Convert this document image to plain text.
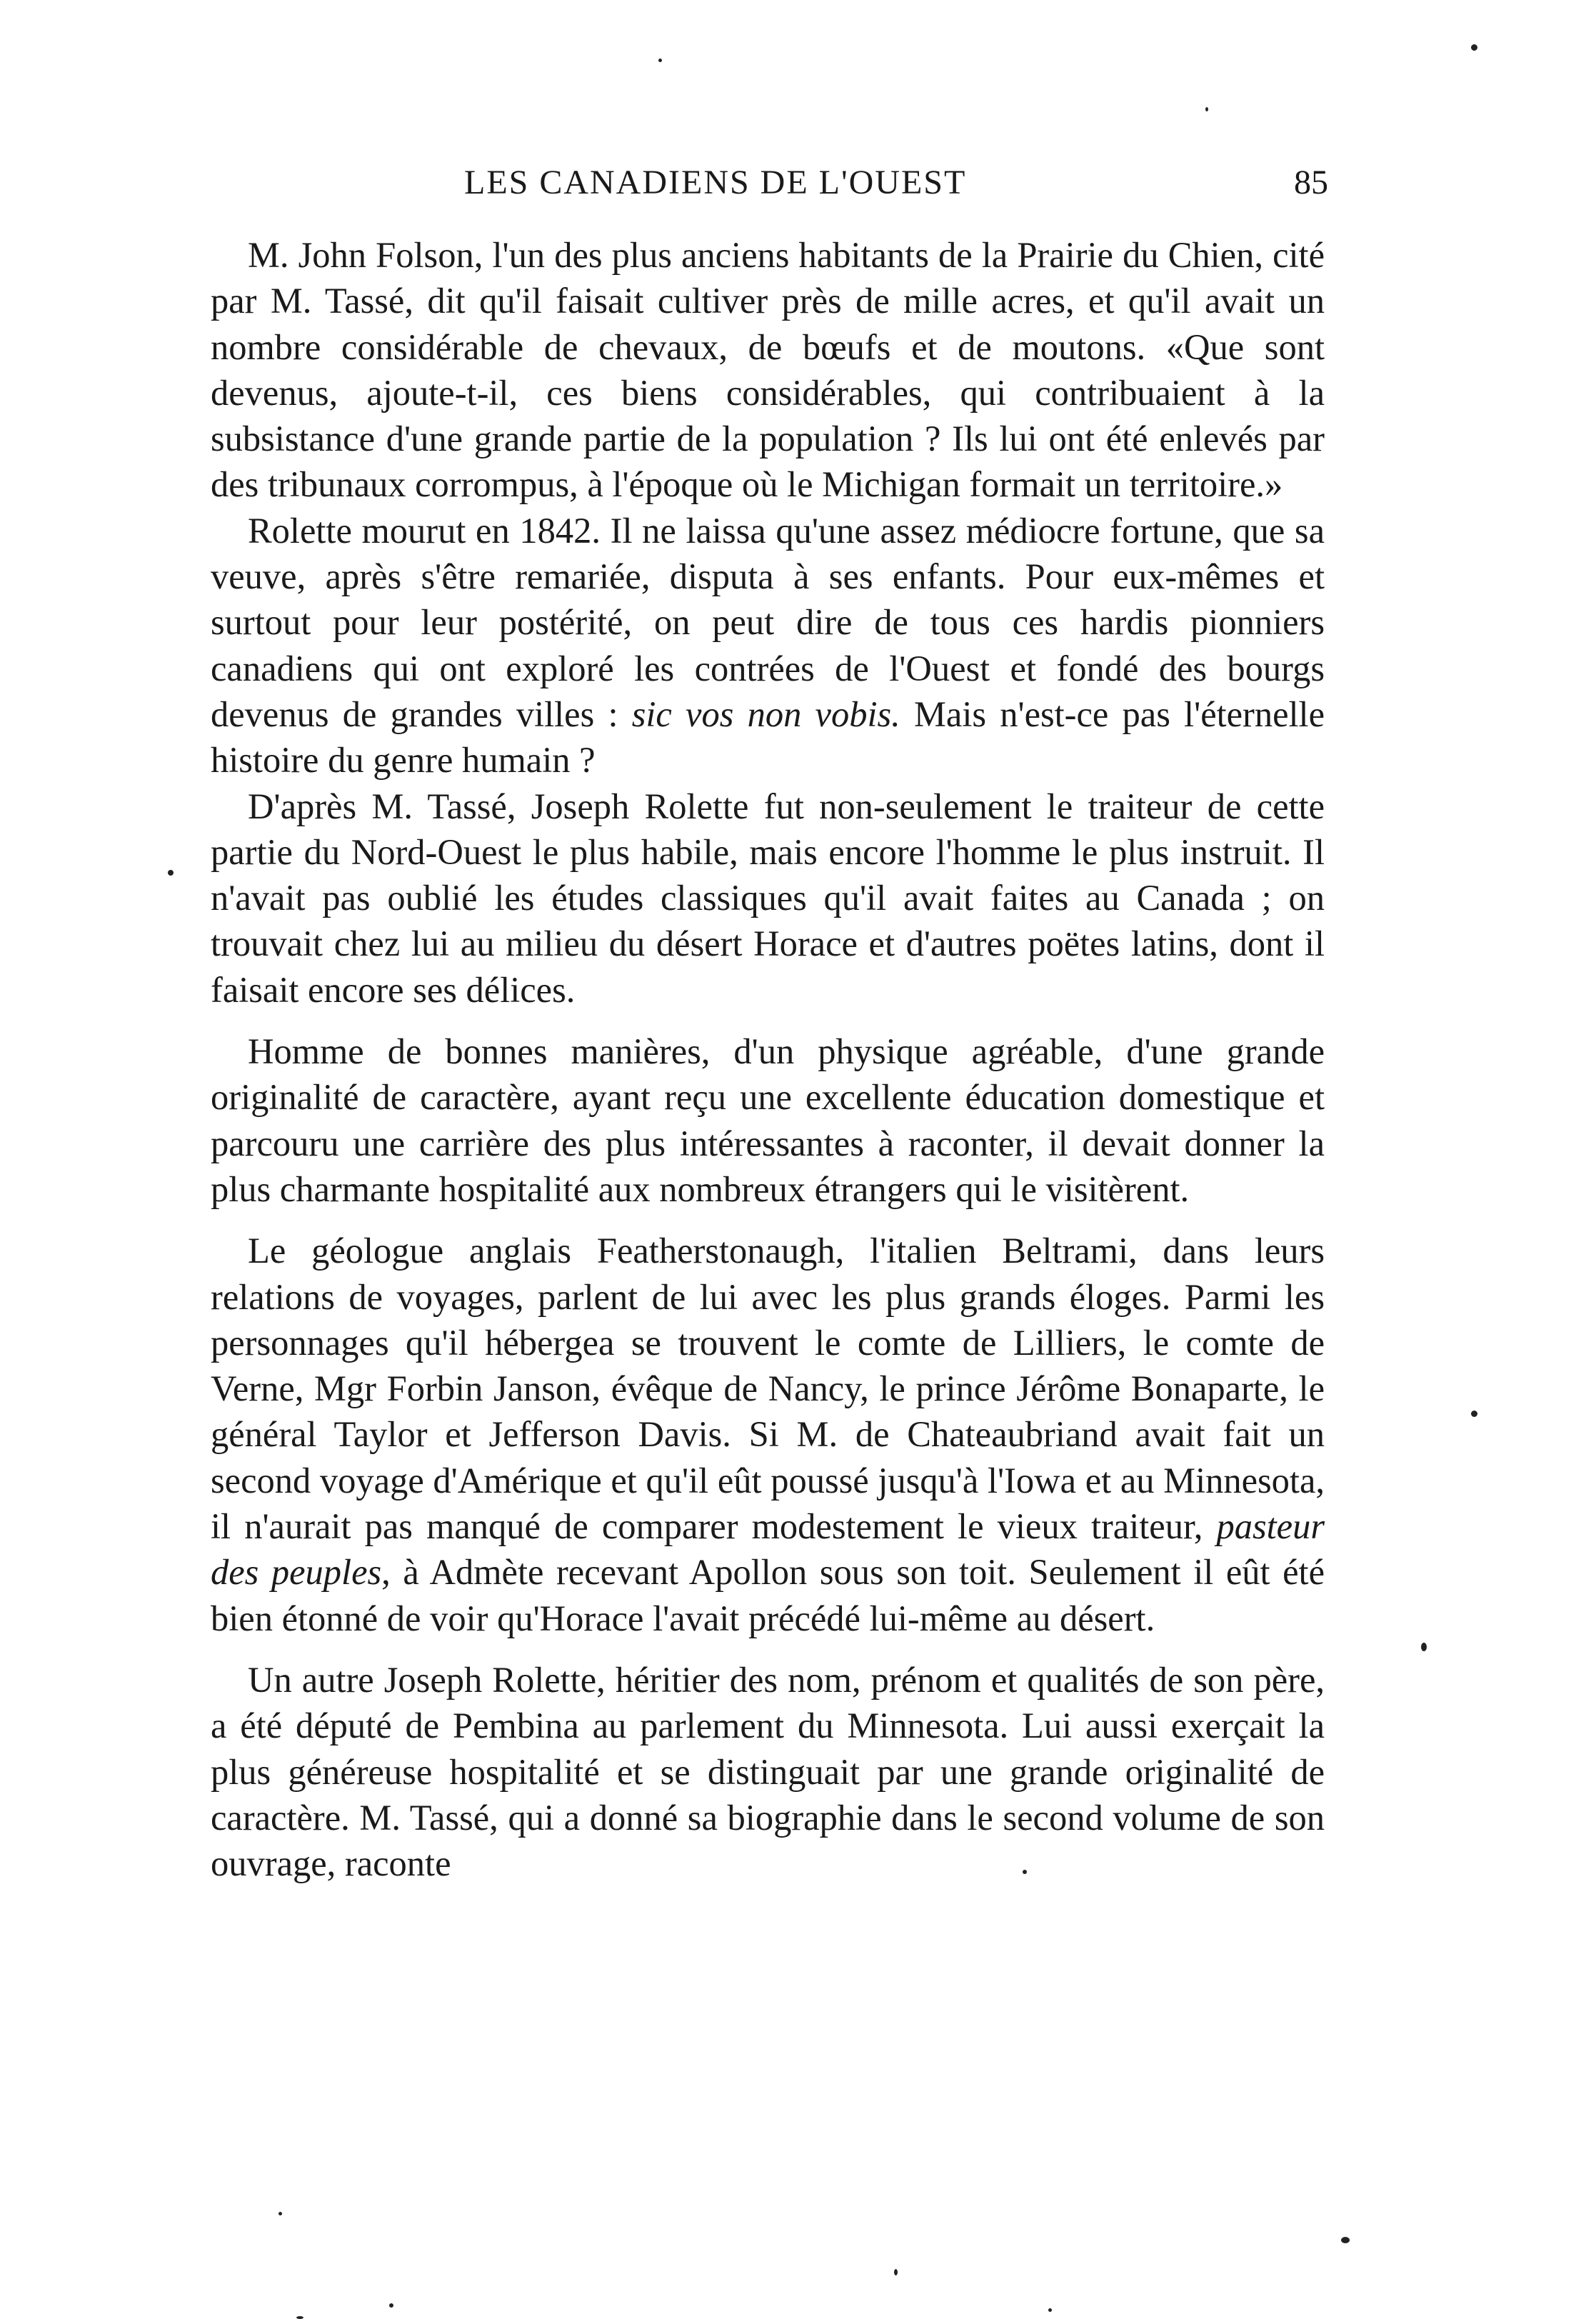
LES CANADIENS DE L'OUEST	85

M. John Folson, l'un des plus anciens habitants de la Prairie du Chien, cité par M. Tassé, dit qu'il faisait cultiver près de mille acres, et qu'il avait un nombre considérable de chevaux, de bœufs et de moutons. «Que sont devenus, ajoute-t-il, ces biens considérables, qui contribuaient à la subsistance d'une grande partie de la population ? Ils lui ont été enlevés par des tribunaux corrompus, à l'époque où le Michigan formait un territoire.»

Rolette mourut en 1842. Il ne laissa qu'une assez médiocre fortune, que sa veuve, après s'être remariée, disputa à ses enfants. Pour eux-mêmes et surtout pour leur postérité, on peut dire de tous ces hardis pionniers canadiens qui ont exploré les contrées de l'Ouest et fondé des bourgs devenus de grandes villes : sic vos non vobis. Mais n'est-ce pas l'éternelle histoire du genre humain ?

D'après M. Tassé, Joseph Rolette fut non-seulement le traiteur de cette partie du Nord-Ouest le plus habile, mais encore l'homme le plus instruit. Il n'avait pas oublié les études classiques qu'il avait faites au Canada ; on trouvait chez lui au milieu du désert Horace et d'autres poëtes latins, dont il faisait encore ses délices.

Homme de bonnes manières, d'un physique agréable, d'une grande originalité de caractère, ayant reçu une excellente éducation domestique et parcouru une carrière des plus intéressantes à raconter, il devait donner la plus charmante hospitalité aux nombreux étrangers qui le visitèrent.

Le géologue anglais Featherstonaugh, l'italien Beltrami, dans leurs relations de voyages, parlent de lui avec les plus grands éloges. Parmi les personnages qu'il hébergea se trouvent le comte de Lilliers, le comte de Verne, Mgr Forbin Janson, évêque de Nancy, le prince Jérôme Bonaparte, le général Taylor et Jefferson Davis. Si M. de Chateaubriand avait fait un second voyage d'Amérique et qu'il eût poussé jusqu'à l'Iowa et au Minnesota, il n'aurait pas manqué de comparer modestement le vieux traiteur, pasteur des peuples, à Admète recevant Apollon sous son toit. Seulement il eût été bien étonné de voir qu'Horace l'avait précédé lui-même au désert.

Un autre Joseph Rolette, héritier des nom, prénom et qualités de son père, a été député de Pembina au parlement du Minnesota. Lui aussi exerçait la plus généreuse hospitalité et se distinguait par une grande originalité de caractère. M. Tassé, qui a donné sa biographie dans le second volume de son ouvrage, raconte
